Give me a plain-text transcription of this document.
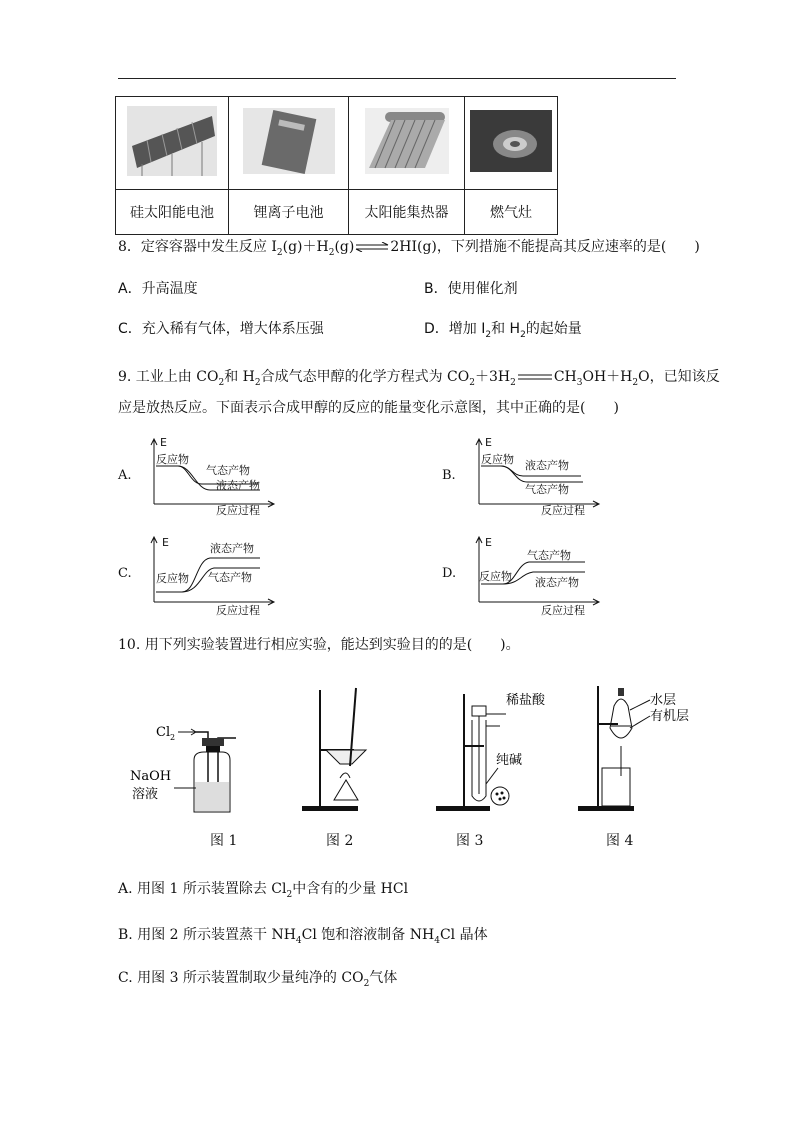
硅太阳能电池	锂离子电池	太阳能集热器	燃气灶
8．定容容器中发生反应 $I_2(g)+H_2(g)\rightleftharpoons 2HI(g)$，下列措施不能提高其反应速率的是(　　)
A．升高温度	B．使用催化剂
C．充入稀有气体，增大体系压强	D．增加 $I_2$和 $H_2$的起始量
9. 工业上由 $CO_2$和 $H_2$合成气态甲醇的化学方程式为 $CO_2+3H_2$	$CH_3OH+H_2O$，已知该反
应是放热反应。下面表示合成甲醇的反应的能量变化示意图，其中正确的是(　　)
A.	B.
C.	D.
E
反应物
气态产物
液态产物
反应过程
E
反应物 液态产物
气态产物
反应过程
E	液态产物
反应物 气态产物
反应过程
E
气态产物
反应物 液态产物
反应过程
10. 用下列实验装置进行相应实验，能达到实验目的的是(　　)。
Cl 2
NaOH
溶液
稀盐酸
纯碱
水层
有机层
图 1	图 2	图 3	图 4
A. 用图 1 所示装置除去 $Cl_2$中含有的少量 HCl
B. 用图 2 所示装置蒸干 $NH_4Cl$ 饱和溶液制备 $NH_4Cl$ 晶体
C. 用图 3 所示装置制取少量纯净的 $CO_2$气体
